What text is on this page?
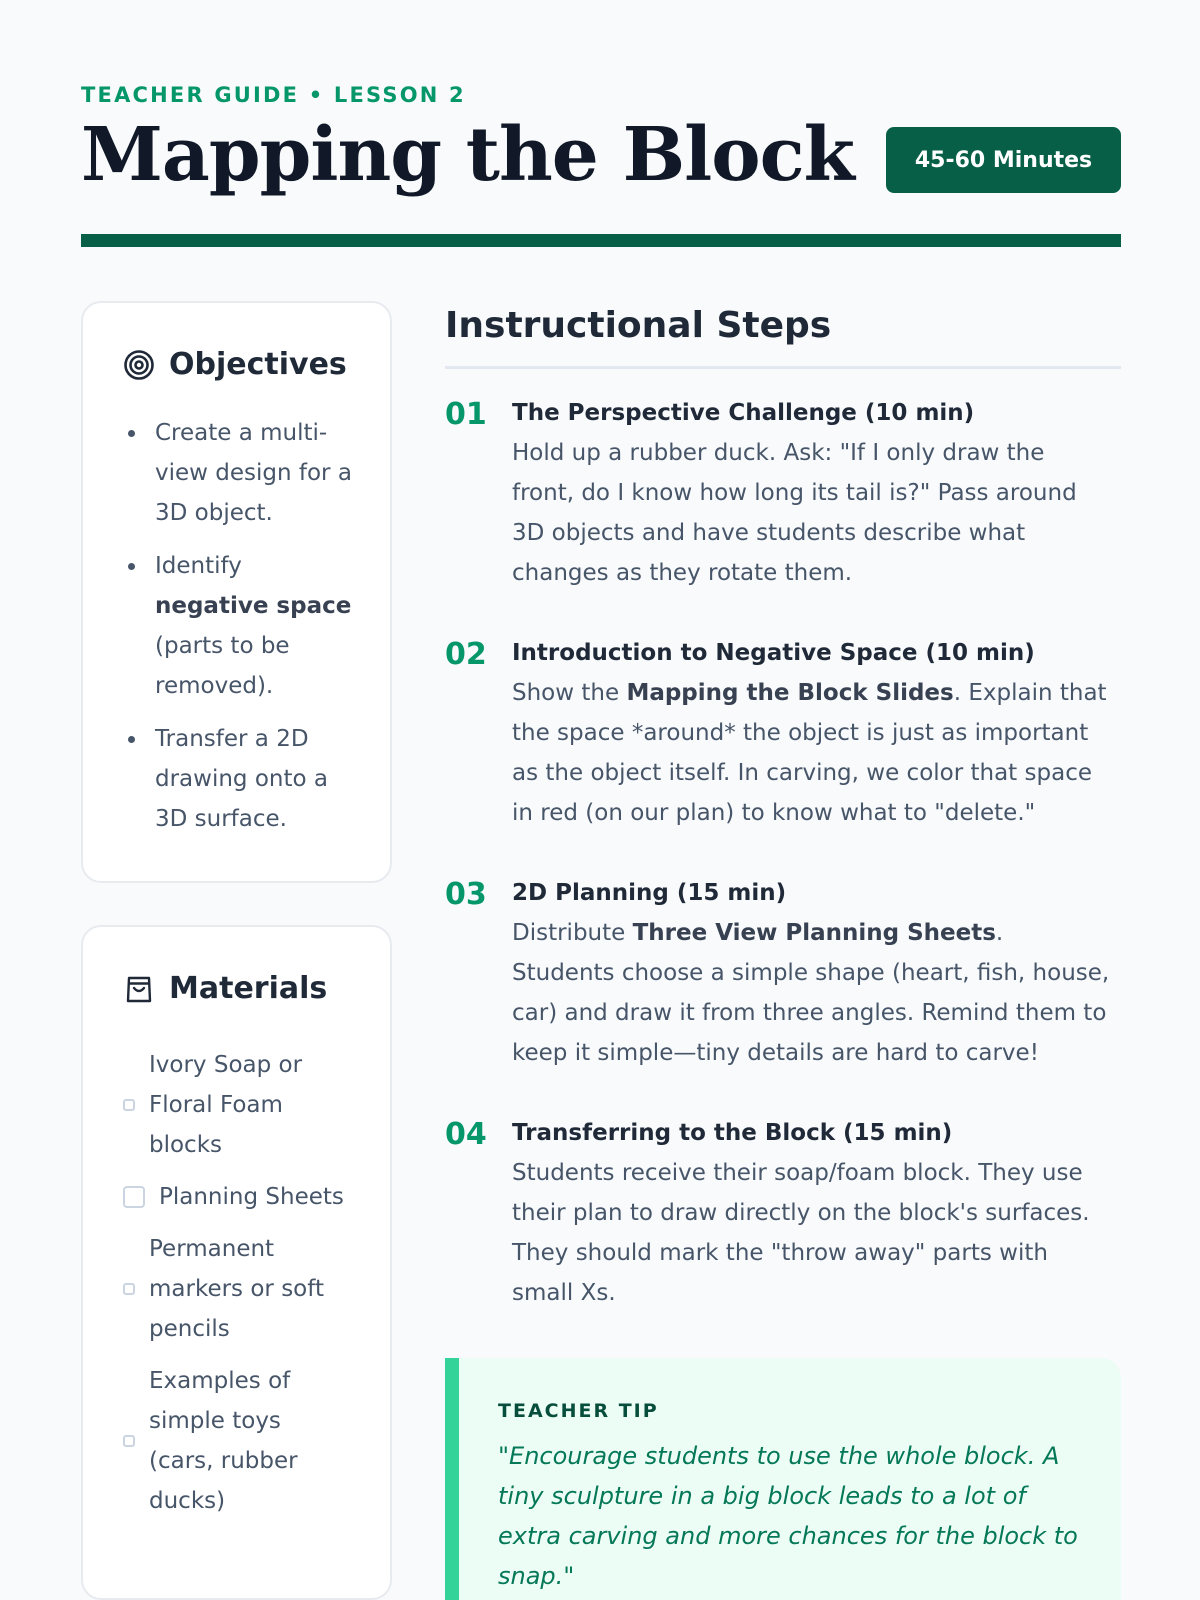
TEACHER GUIDE • LESSON 2
Mapping the Block	45-60 Minutes
Objectives
Create a multi-view design for a 3D object.
Identify negative space (parts to be removed).
Transfer a 2D drawing onto a 3D surface.
Materials
Ivory Soap or Floral Foam blocks
Planning Sheets
Permanent markers or soft pencils
Examples of simple toys (cars, rubber ducks)
Instructional Steps
01 The Perspective Challenge (10 min)

Hold up a rubber duck. Ask: "If I only draw the front, do I know how long its tail is?" Pass around 3D objects and have students describe what changes as they rotate them.

02 Introduction to Negative Space (10 min)

Show the Mapping the Block Slides. Explain that the space *around* the object is just as important as the object itself. In carving, we color that space in red (on our plan) to know what to "delete."

03 2D Planning (15 min)

Distribute Three View Planning Sheets. Students choose a simple shape (heart, fish, house, car) and draw it from three angles. Remind them to keep it simple—tiny details are hard to carve!

04 Transferring to the Block (15 min)

Students receive their soap/foam block. They use their plan to draw directly on the block's surfaces. They should mark the "throw away" parts with small Xs.

TEACHER TIP

"Encourage students to use the whole block. A tiny sculpture in a big block leads to a lot of extra carving and more chances for the block to snap."
